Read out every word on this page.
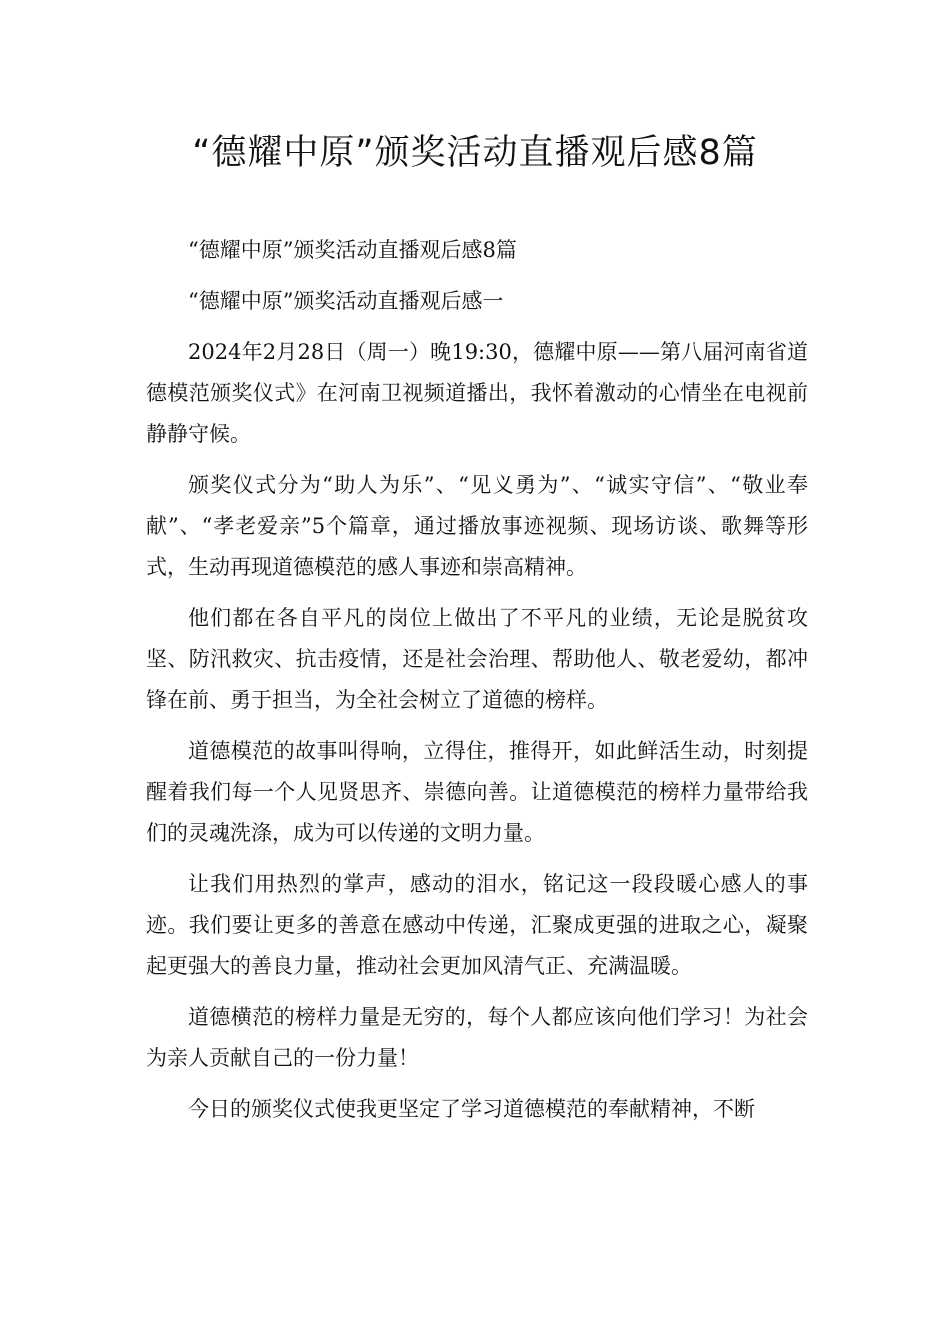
“德耀中原”颁奖活动直播观后感8篇

“德耀中原”颁奖活动直播观后感8篇

“德耀中原”颁奖活动直播观后感一

2024年2月28日（周一）晚19:30，德耀中原——第八届河南省道德模范颁奖仪式》在河南卫视频道播出，我怀着激动的心情坐在电视前静静守候。

颁奖仪式分为“助人为乐”、“见义勇为”、“诚实守信”、“敬业奉献”、“孝老爱亲”5个篇章，通过播放事迹视频、现场访谈、歌舞等形式，生动再现道德模范的感人事迹和崇高精神。

他们都在各自平凡的岗位上做出了不平凡的业绩，无论是脱贫攻坚、防汛救灾、抗击疫情，还是社会治理、帮助他人、敬老爱幼，都冲锋在前、勇于担当，为全社会树立了道德的榜样。

道德模范的故事叫得响，立得住，推得开，如此鲜活生动，时刻提醒着我们每一个人见贤思齐、崇德向善。让道德模范的榜样力量带给我们的灵魂洗涤，成为可以传递的文明力量。

让我们用热烈的掌声，感动的泪水，铭记这一段段暖心感人的事迹。我们要让更多的善意在感动中传递，汇聚成更强的进取之心，凝聚起更强大的善良力量，推动社会更加风清气正、充满温暖。

道德横范的榜样力量是无穷的，每个人都应该向他们学习！为社会为亲人贡献自己的一份力量！

今日的颁奖仪式使我更坚定了学习道德模范的奉献精神，不断
